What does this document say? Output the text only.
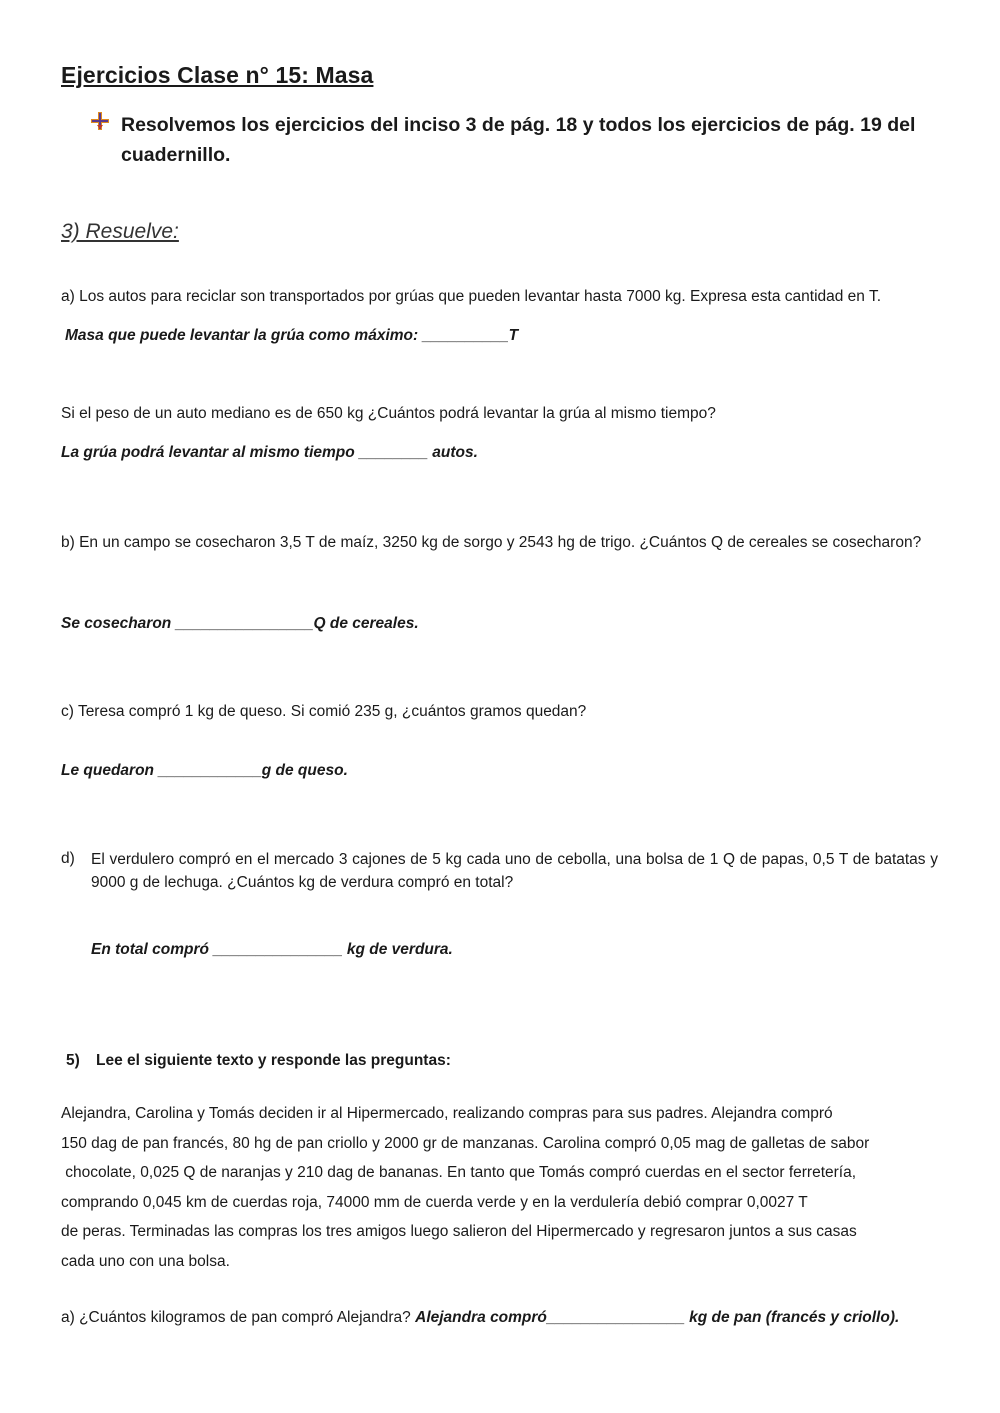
Ejercicios Clase n° 15: Masa
Resolvemos los ejercicios del inciso 3 de pág. 18 y todos los ejercicios de pág. 19 del
cuadernillo.
3) Resuelve:
a) Los autos para reciclar son transportados por grúas que pueden levantar hasta 7000 kg. Expresa esta cantidad en T.
Masa que puede levantar la grúa como máximo: __________T
Si el peso de un auto mediano es de 650 kg ¿Cuántos podrá levantar la grúa al mismo tiempo?
La grúa podrá levantar al mismo tiempo ________ autos.
b) En un campo se cosecharon 3,5 T de maíz, 3250 kg de sorgo y 2543 hg de trigo. ¿Cuántos Q de cereales se cosecharon?
Se cosecharon ________________Q de cereales.
c) Teresa compró 1 kg de queso. Si comió 235 g, ¿cuántos gramos quedan?
Le quedaron ____________g de queso.
d) El verdulero compró en el mercado 3 cajones de 5 kg cada uno de cebolla, una bolsa de 1 Q de papas, 0,5 T de batatas y 9000 g de lechuga. ¿Cuántos kg de verdura compró en total?
En total compró _______________ kg de verdura.
5) Lee el siguiente texto y responde las preguntas:
Alejandra, Carolina y Tomás deciden ir al Hipermercado, realizando compras para sus padres. Alejandra compró
150 dag de pan francés, 80 hg de pan criollo y 2000 gr de manzanas. Carolina compró 0,05 mag de galletas de sabor
chocolate, 0,025 Q de naranjas y 210 dag de bananas. En tanto que Tomás compró cuerdas en el sector ferretería,
comprando 0,045 km de cuerdas roja, 74000 mm de cuerda verde y en la verdulería debió comprar 0,0027 T
de peras. Terminadas las compras los tres amigos luego salieron del Hipermercado y regresaron juntos a sus casas
cada uno con una bolsa.
a) ¿Cuántos kilogramos de pan compró Alejandra? Alejandra compró________________ kg de pan (francés y criollo).
